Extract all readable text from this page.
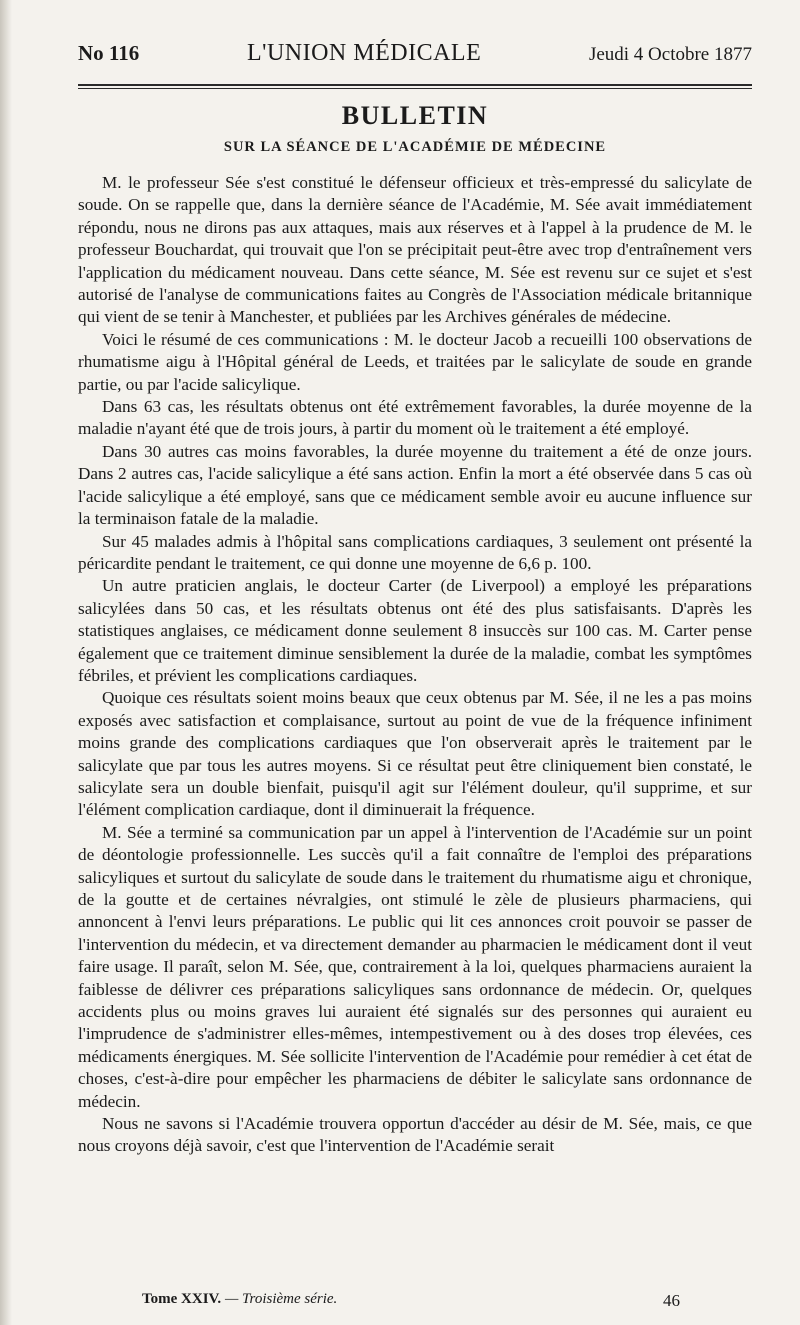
No 116	L'UNION MÉDICALE	Jeudi 4 Octobre 1877
BULLETIN
SUR LA SÉANCE DE L'ACADÉMIE DE MÉDECINE

M. le professeur Sée s'est constitué le défenseur officieux et très-empressé du salicylate de soude. On se rappelle que, dans la dernière séance de l'Académie, M. Sée avait immédiatement répondu, nous ne dirons pas aux attaques, mais aux réserves et à l'appel à la prudence de M. le professeur Bouchardat, qui trouvait que l'on se précipitait peut-être avec trop d'entraînement vers l'application du médicament nouveau. Dans cette séance, M. Sée est revenu sur ce sujet et s'est autorisé de l'analyse de communications faites au Congrès de l'Association médicale britannique qui vient de se tenir à Manchester, et publiées par les Archives générales de médecine.

Voici le résumé de ces communications : M. le docteur Jacob a recueilli 100 observations de rhumatisme aigu à l'Hôpital général de Leeds, et traitées par le salicylate de soude en grande partie, ou par l'acide salicylique.

Dans 63 cas, les résultats obtenus ont été extrêmement favorables, la durée moyenne de la maladie n'ayant été que de trois jours, à partir du moment où le traitement a été employé.

Dans 30 autres cas moins favorables, la durée moyenne du traitement a été de onze jours. Dans 2 autres cas, l'acide salicylique a été sans action. Enfin la mort a été observée dans 5 cas où l'acide salicylique a été employé, sans que ce médicament semble avoir eu aucune influence sur la terminaison fatale de la maladie.

Sur 45 malades admis à l'hôpital sans complications cardiaques, 3 seulement ont présenté la péricardite pendant le traitement, ce qui donne une moyenne de 6,6 p. 100.

Un autre praticien anglais, le docteur Carter (de Liverpool) a employé les préparations salicylées dans 50 cas, et les résultats obtenus ont été des plus satisfaisants. D'après les statistiques anglaises, ce médicament donne seulement 8 insuccès sur 100 cas. M. Carter pense également que ce traitement diminue sensiblement la durée de la maladie, combat les symptômes fébriles, et prévient les complications cardiaques.

Quoique ces résultats soient moins beaux que ceux obtenus par M. Sée, il ne les a pas moins exposés avec satisfaction et complaisance, surtout au point de vue de la fréquence infiniment moins grande des complications cardiaques que l'on observerait après le traitement par le salicylate que par tous les autres moyens. Si ce résultat peut être cliniquement bien constaté, le salicylate sera un double bienfait, puisqu'il agit sur l'élément douleur, qu'il supprime, et sur l'élément complication cardiaque, dont il diminuerait la fréquence.

M. Sée a terminé sa communication par un appel à l'intervention de l'Académie sur un point de déontologie professionnelle. Les succès qu'il a fait connaître de l'emploi des préparations salicyliques et surtout du salicylate de soude dans le traitement du rhumatisme aigu et chronique, de la goutte et de certaines névralgies, ont stimulé le zèle de plusieurs pharmaciens, qui annoncent à l'envi leurs préparations. Le public qui lit ces annonces croit pouvoir se passer de l'intervention du médecin, et va directement demander au pharmacien le médicament dont il veut faire usage. Il paraît, selon M. Sée, que, contrairement à la loi, quelques pharmaciens auraient la faiblesse de délivrer ces préparations salicyliques sans ordonnance de médecin. Or, quelques accidents plus ou moins graves lui auraient été signalés sur des personnes qui auraient eu l'imprudence de s'administrer elles-mêmes, intempestivement ou à des doses trop élevées, ces médicaments énergiques. M. Sée sollicite l'intervention de l'Académie pour remédier à cet état de choses, c'est-à-dire pour empêcher les pharmaciens de débiter le salicylate sans ordonnance de médecin.

Nous ne savons si l'Académie trouvera opportun d'accéder au désir de M. Sée, mais, ce que nous croyons déjà savoir, c'est que l'intervention de l'Académie serait

Tome XXIV. — Troisième série.	46
